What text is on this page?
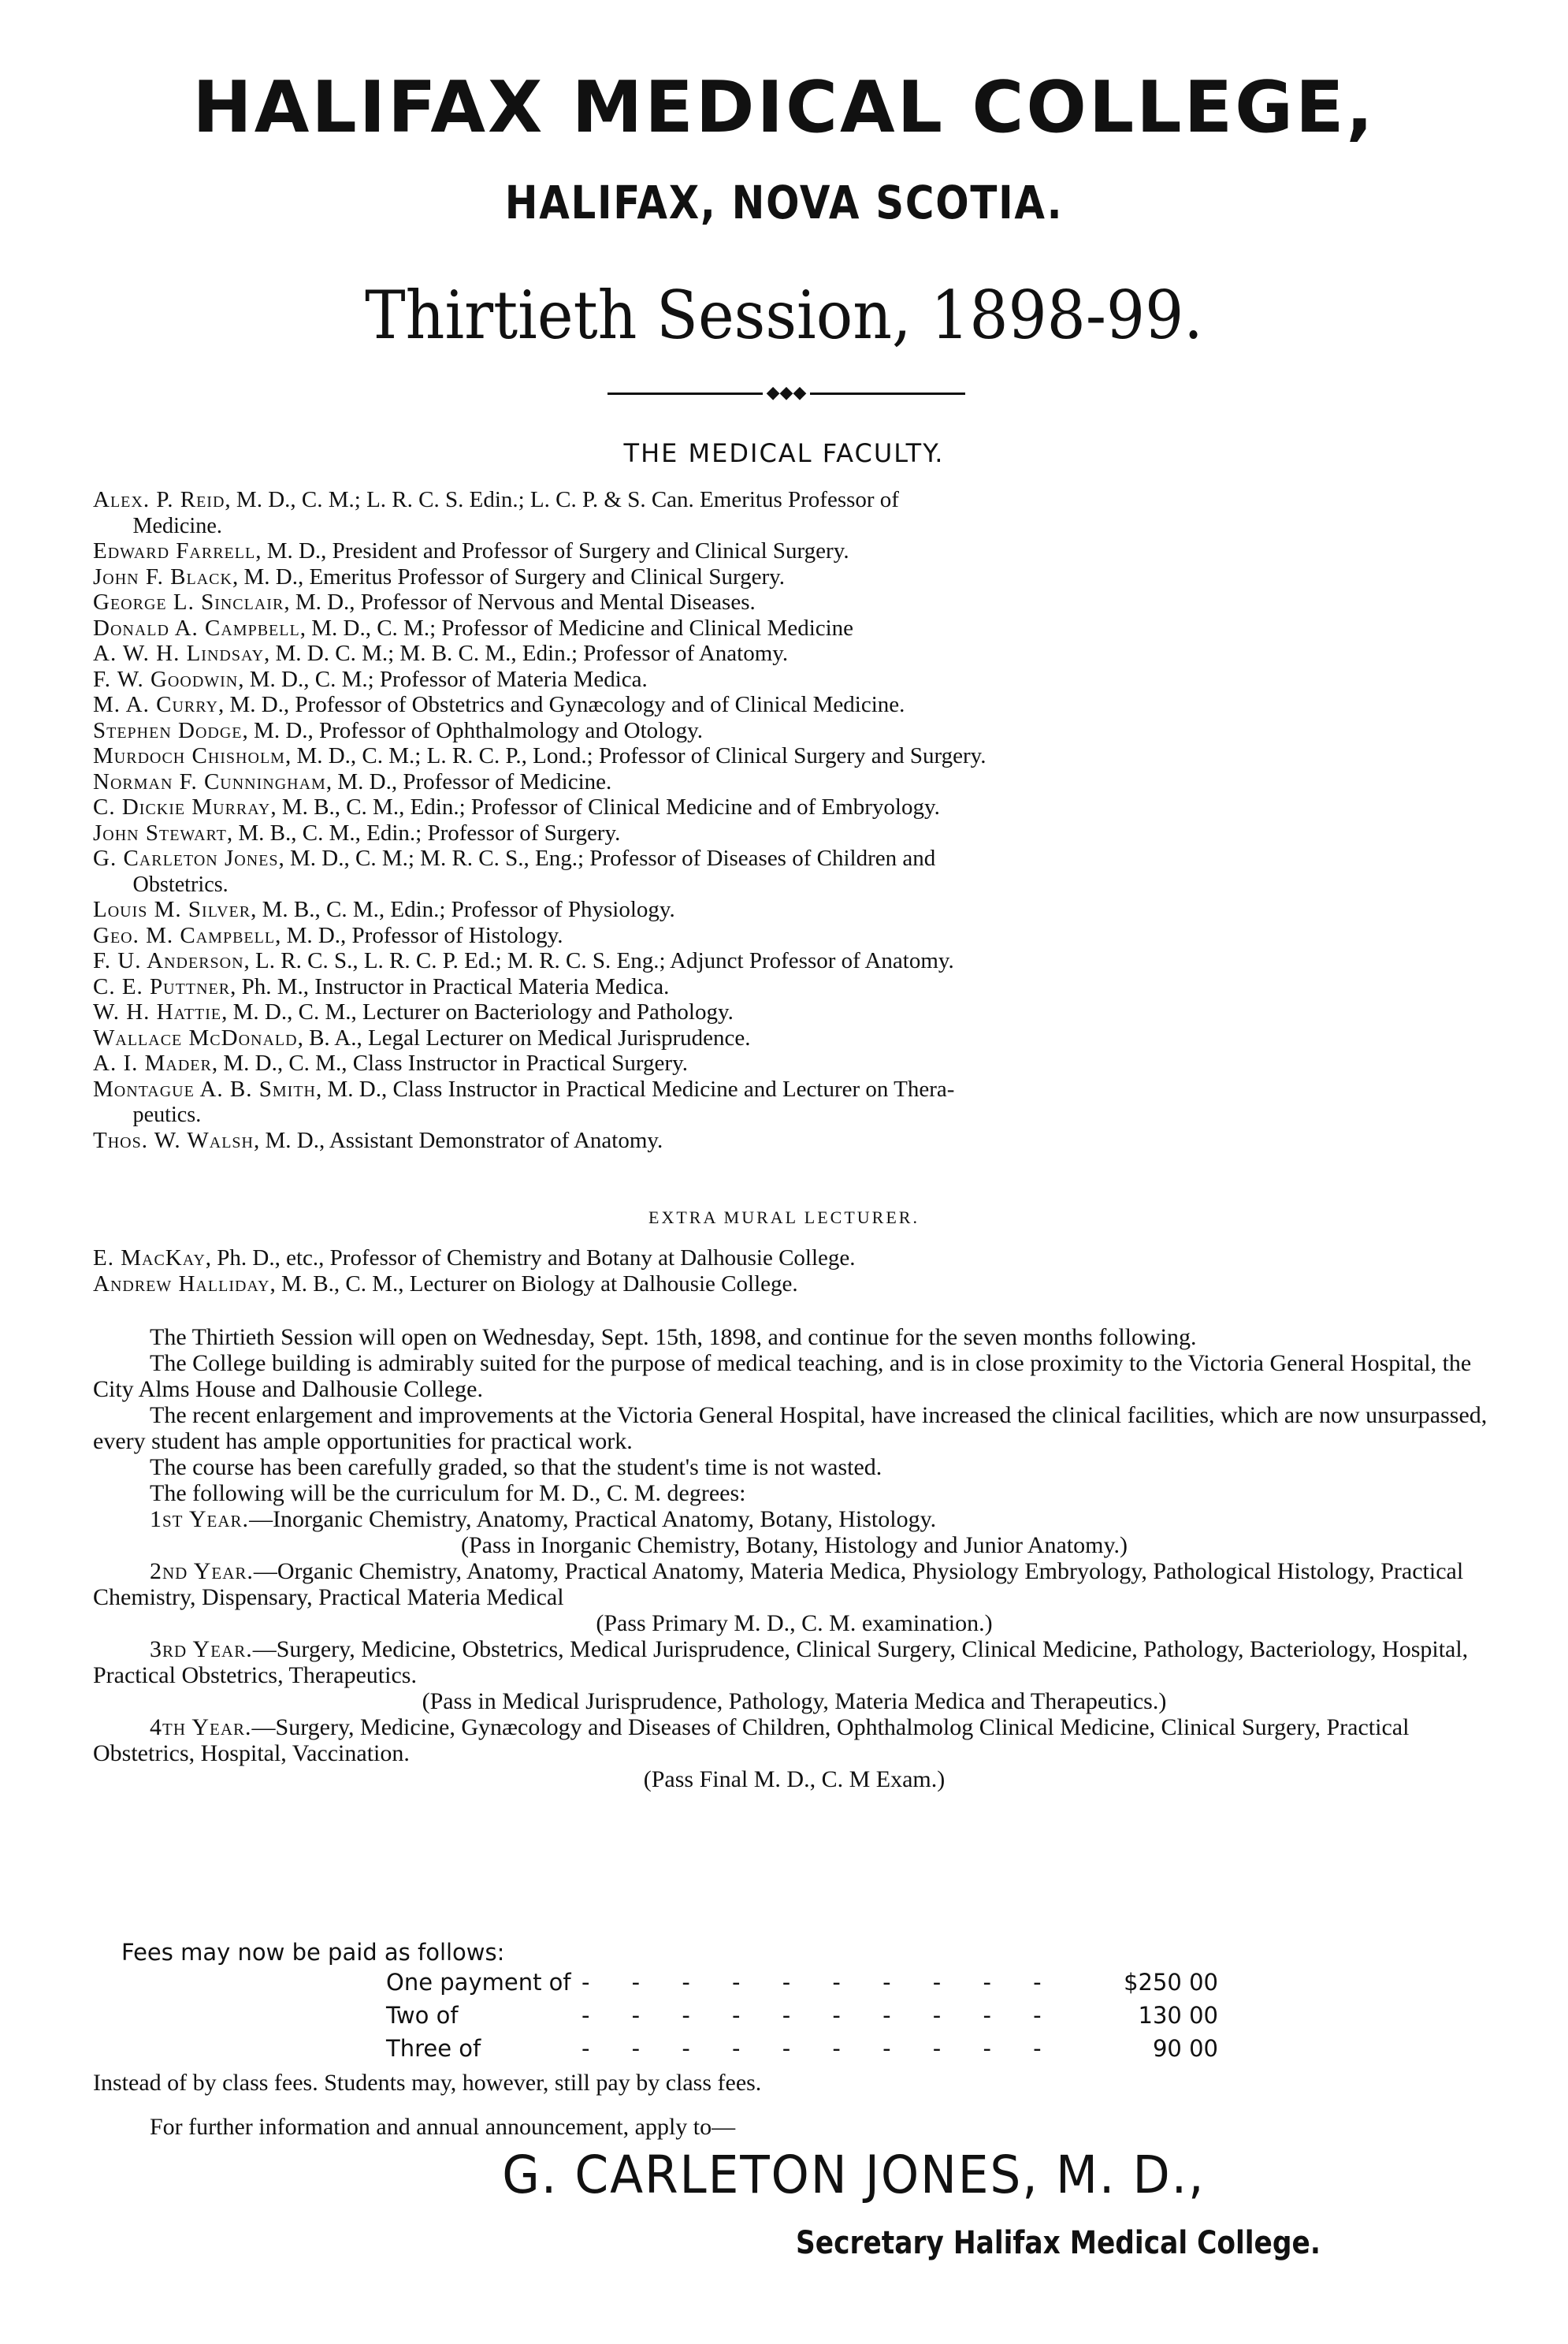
HALIFAX MEDICAL COLLEGE,
HALIFAX, NOVA SCOTIA.
Thirtieth Session, 1898-99.
◆◆◆
THE MEDICAL FACULTY.
Alex. P. Reid, M. D., C. M.; L. R. C. S. Edin.; L. C. P. & S. Can. Emeritus Professor of
Medicine.
Edward Farrell, M. D., President and Professor of Surgery and Clinical Surgery.
John F. Black, M. D., Emeritus Professor of Surgery and Clinical Surgery.
George L. Sinclair, M. D., Professor of Nervous and Mental Diseases.
Donald A. Campbell, M. D., C. M.; Professor of Medicine and Clinical Medicine
A. W. H. Lindsay, M. D. C. M.; M. B. C. M., Edin.; Professor of Anatomy.
F. W. Goodwin, M. D., C. M.; Professor of Materia Medica.
M. A. Curry, M. D., Professor of Obstetrics and Gynæcology and of Clinical Medicine.
Stephen Dodge, M. D., Professor of Ophthalmology and Otology.
Murdoch Chisholm, M. D., C. M.; L. R. C. P., Lond.; Professor of Clinical Surgery and Surgery.
Norman F. Cunningham, M. D., Professor of Medicine.
C. Dickie Murray, M. B., C. M., Edin.; Professor of Clinical Medicine and of Embryology.
John Stewart, M. B., C. M., Edin.; Professor of Surgery.
G. Carleton Jones, M. D., C. M.; M. R. C. S., Eng.; Professor of Diseases of Children and
Obstetrics.
Louis M. Silver, M. B., C. M., Edin.; Professor of Physiology.
Geo. M. Campbell, M. D., Professor of Histology.
F. U. Anderson, L. R. C. S., L. R. C. P. Ed.; M. R. C. S. Eng.; Adjunct Professor of Anatomy.
C. E. Puttner, Ph. M., Instructor in Practical Materia Medica.
W. H. Hattie, M. D., C. M., Lecturer on Bacteriology and Pathology.
Wallace McDonald, B. A., Legal Lecturer on Medical Jurisprudence.
A. I. Mader, M. D., C. M., Class Instructor in Practical Surgery.
Montague A. B. Smith, M. D., Class Instructor in Practical Medicine and Lecturer on Thera-
peutics.
Thos. W. Walsh, M. D., Assistant Demonstrator of Anatomy.
EXTRA MURAL LECTURER.
E. MacKay, Ph. D., etc., Professor of Chemistry and Botany at Dalhousie College.
Andrew Halliday, M. B., C. M., Lecturer on Biology at Dalhousie College.

The Thirtieth Session will open on Wednesday, Sept. 15th, 1898, and continue for the seven months following.

The College building is admirably suited for the purpose of medical teaching, and is in close proximity to the Victoria General Hospital, the City Alms House and Dalhousie College.

The recent enlargement and improvements at the Victoria General Hospital, have increased the clinical facilities, which are now unsurpassed, every student has ample opportunities for practical work.

The course has been carefully graded, so that the student's time is not wasted.

The following will be the curriculum for M. D., C. M. degrees:

1st Year.—Inorganic Chemistry, Anatomy, Practical Anatomy, Botany, Histology.

(Pass in Inorganic Chemistry, Botany, Histology and Junior Anatomy.)

2nd Year.—Organic Chemistry, Anatomy, Practical Anatomy, Materia Medica, Physiology Embryology, Pathological Histology, Practical Chemistry, Dispensary, Practical Materia Medical

(Pass Primary M. D., C. M. examination.)

3rd Year.—Surgery, Medicine, Obstetrics, Medical Jurisprudence, Clinical Surgery, Clinical Medicine, Pathology, Bacteriology, Hospital, Practical Obstetrics, Therapeutics.

(Pass in Medical Jurisprudence, Pathology, Materia Medica and Therapeutics.)

4th Year.—Surgery, Medicine, Gynæcology and Diseases of Children, Ophthalmolog Clinical Medicine, Clinical Surgery, Practical Obstetrics, Hospital, Vaccination.

(Pass Final M. D., C. M Exam.)

Fees may now be paid as follows:
One payment of - - - - - - - - - -	$250 00
Two of	- - - - - - - - - -	130 00
Three of	- - - - - - - - - -	90 00
Instead of by class fees. Students may, however, still pay by class fees.
For further information and annual announcement, apply to—
G. CARLETON JONES, M. D.,
Secretary Halifax Medical College.
